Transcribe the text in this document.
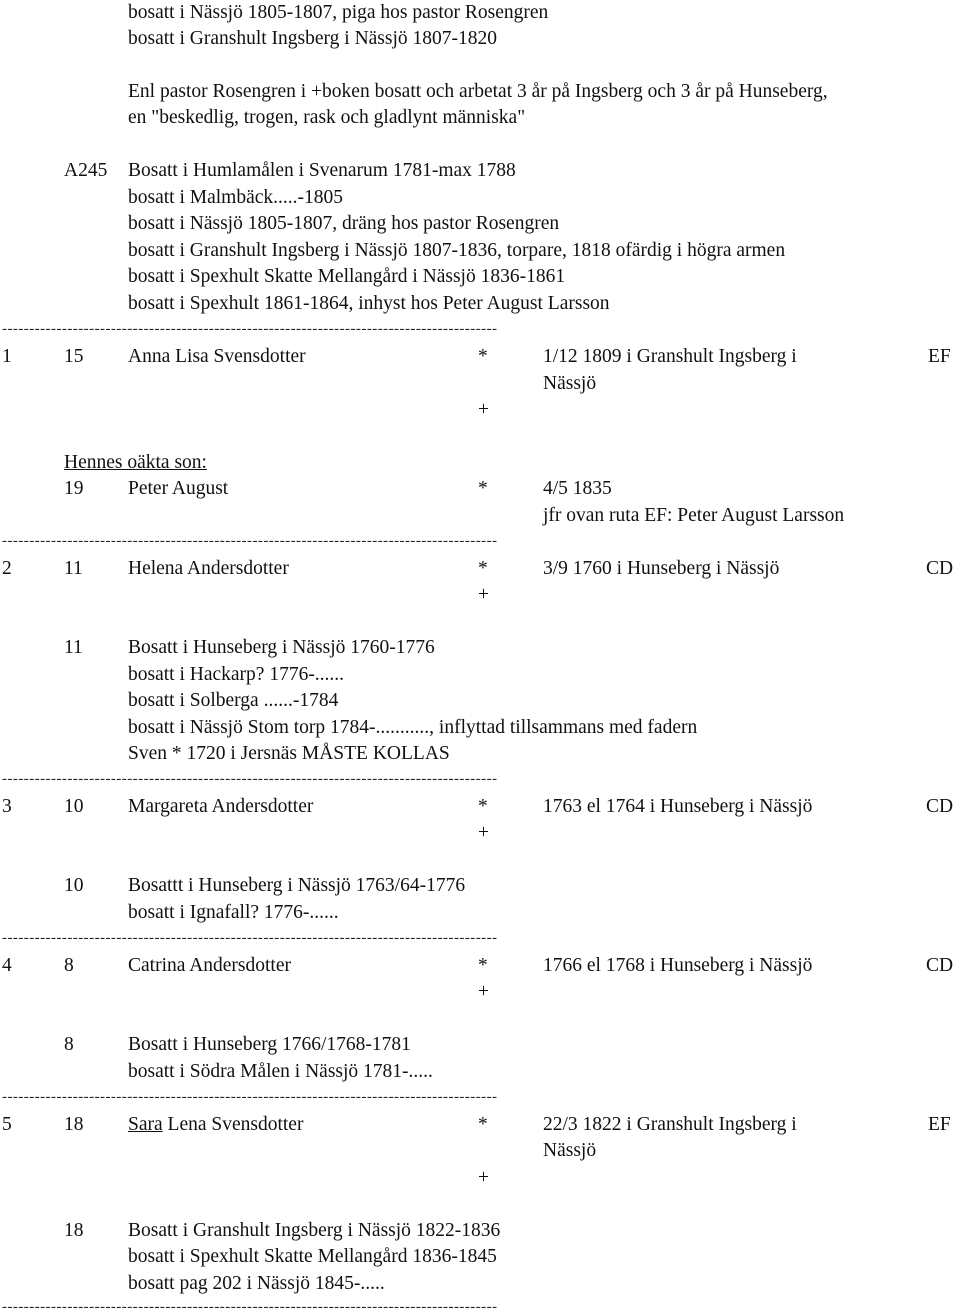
bosatt i Nässjö 1805-1807, piga hos pastor Rosengren
bosatt i Granshult Ingsberg i Nässjö 1807-1820
Enl pastor Rosengren i +boken bosatt och arbetat 3 år på Ingsberg och 3 år på Hunseberg,
en "beskedlig, trogen, rask och gladlynt människa"
A245 Bosatt i Humlamålen i Svenarum 1781-max 1788
bosatt i Malmbäck.....-1805
bosatt i Nässjö 1805-1807, dräng hos pastor Rosengren
bosatt i Granshult Ingsberg i Nässjö 1807-1836, torpare, 1818 ofärdig i högra armen
bosatt i Spexhult Skatte Mellangård i Nässjö 1836-1861
bosatt i Spexhult 1861-1864, inhyst hos Peter August Larsson
-------------------------------------------------------------------------------------------
1	15 Anna Lisa Svensdotter	*	1/12 1809 i Granshult Ingsberg i	EF
Nässjö
+
Hennes oäkta son:
19 Peter August	*	4/5 1835
jfr ovan ruta EF: Peter August Larsson
-------------------------------------------------------------------------------------------
2	11 Helena Andersdotter	*	3/9 1760 i Hunseberg i Nässjö	CD
+
11 Bosatt i Hunseberg i Nässjö 1760-1776
bosatt i Hackarp? 1776-......
bosatt i Solberga ......-1784
bosatt i Nässjö Stom torp 1784-..........., inflyttad tillsammans med fadern
Sven * 1720 i Jersnäs MÅSTE KOLLAS
-------------------------------------------------------------------------------------------
3	10 Margareta Andersdotter	*	1763 el 1764 i Hunseberg i Nässjö	CD
+
10 Bosattt i Hunseberg i Nässjö 1763/64-1776
bosatt i Ignafall? 1776-......
-------------------------------------------------------------------------------------------
4	8	Catrina Andersdotter	*	1766 el 1768 i Hunseberg i Nässjö	CD
+
8	Bosatt i Hunseberg 1766/1768-1781
bosatt i Södra Målen i Nässjö 1781-.....
-------------------------------------------------------------------------------------------
5	18 Sara Lena Svensdotter	*	22/3 1822 i Granshult Ingsberg i	EF
Nässjö
+
18 Bosatt i Granshult Ingsberg i Nässjö 1822-1836
bosatt i Spexhult Skatte Mellangård 1836-1845
bosatt pag 202 i Nässjö 1845-.....
-------------------------------------------------------------------------------------------
